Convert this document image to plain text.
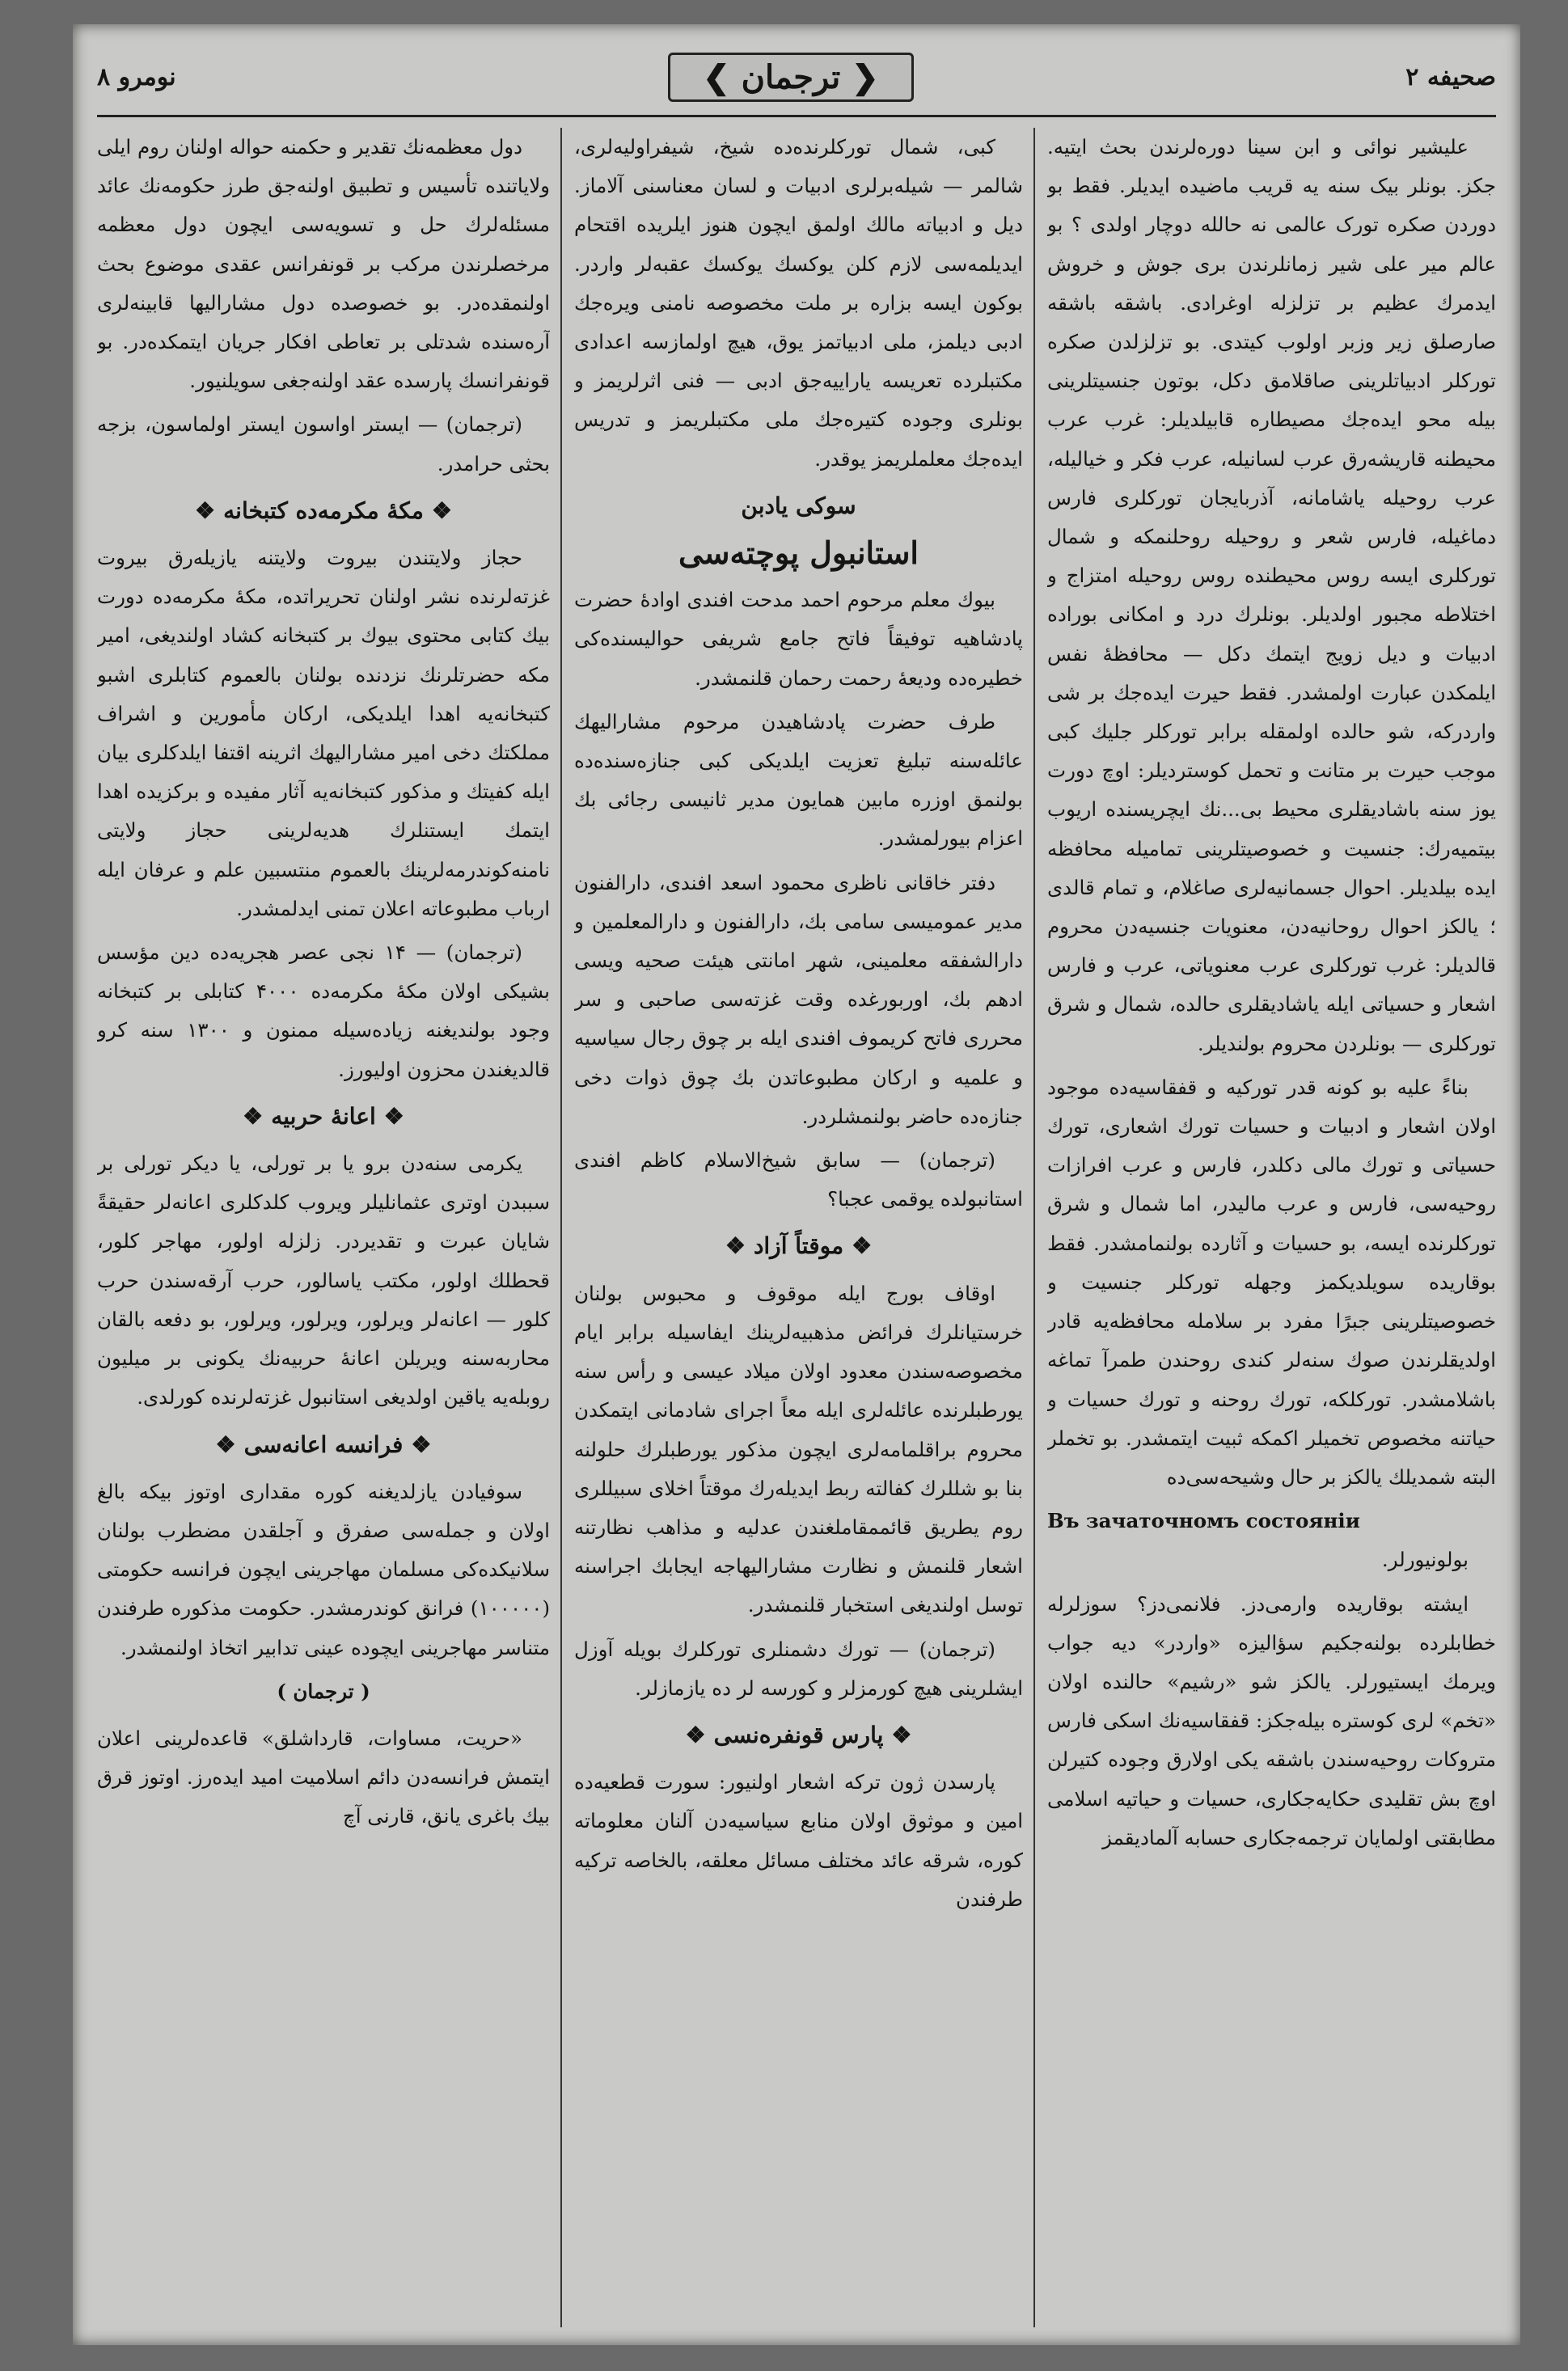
صحیفه ۲
❮ ترجمان ❯
نومرو ۸

علیشیر نوائی و ابن سینا دورەلرندن بحث ایتیه. جکز. بونلر بیک سنه یه قریب ماضیده ایدیلر. فقط بو دوردن صکره تورک عالمی نه حالله دوچار اولدی ؟ بو عالم میر علی شیر زمانلرندن بری جوش و خروش ایدمرك عظیم بر تزلزله اوغرادی. باشقه باشقه صارصلق زیر وزبر اولوب کیتدی. بو تزلزلدن صکره تورکلر ادبیاتلرینی صاقلامق دکل، بوتون جنسیتلرینی بیله محو ایدەجك مصیطاره قابیلدیلر: غرب عرب محیطنه قاریشەرق عرب لسانیله، عرب فکر و خیالیله، عرب روحیله یاشامانه، آذربایجان تورکلری فارس دماغیله، فارس شعر و روحیله روحلنمکه و شمال تورکلری ایسه روس محیطنده روس روحیله امتزاج و اختلاطه مجبور اولدیلر. بونلرك درد و امکانی بورادە ادبیات و دیل زویج ایتمك دکل — محافظهٔ نفس ایلمکدن عبارت اولمشدر. فقط حیرت ایدەجك بر شی واردرکه، شو حالده اولمقله برابر تورکلر جلیك کبی موجب حیرت بر متانت و تحمل کوستردیلر: اوچ دورت یوز سنه باشادیقلری محیط بی...نك ایچریسنده اریوب بیتمیەرك: جنسیت و خصوصیتلرینی تمامیله محافظه ایده بیلدیلر. احوال جسمانیه‌لری صاغلام، و تمام قالدی ؛ یالکز احوال روحانیه‌دن، معنویات جنسیه‌دن محروم قالدیلر: غرب تورکلری عرب معنویاتی، عرب و فارس اشعار و حسیاتی ایله یاشادیقلری حالده، شمال و شرق تورکلری — بو‌نلردن محروم بولندیلر.

بناءً علیه بو کونه قدر تورکیه و قفقاسیه‌ده موجود اولان اشعار و ادبیات و حسیات تورك اشعاری، تورك حسیاتی و تورك مالی دکلدر، فارس و عرب افرازات روحیه‌سی، فارس و عرب مالیدر، اما شمال و شرق تورکلرنده ایسه، بو حسیات و آثاردە بولنمامشدر. فقط بوقاریده سویلدیکمز وجهله تورکلر جنسیت و خصوصیتلرینی جبرًا مفرد بر سلامله محافظه‌یه قادر اولدیقلرندن صوك سنەلر کندی روحندن طمرآ تماغه باشلامشدر. تورکلکه، تورك روحنه و تورك حسیات و حیاتنه مخصوص تخمیلر اکمکه ثبیت ایتمشدر. بو تخملر البته شمدیلك یالکز بر حال وشیحه‌سی‌ده

Въ зачаточномъ состоянiи

بولونیورلر.

ایشته بوقاریده وارمی‌دز. فلانمی‌دز؟ سوزلرله خطابلرده بولنەجکیم سؤالیزه «واردر» دیه جواب ویرمك ایستیورلر. یالکز شو «رشیم» حالنده اولان «تخم» لری کوستره بیله‌جکز: قفقاسیه‌نك اسکی فارس متروکات روحیەسندن باشقه یکی اولارق وجوده کتیرلن اوچ بش تقلیدی حکایه‌جکاری، حسیات و حیاتیه اسلامی مطابقتی اولمایان ترجمه‌جکاری حسابه آلمادیقمز

کبی، شمال تورکلرنده‌ده شیخ، شیفراولیه‌لری، شالمر — شیلەبرلری ادبیات و لسان معناسنی آلاماز. دیل و ادبیاته مالك اولمق ایچون هنوز ایلریده اقتحام ایدیلمه‌سی لازم کلن یوکسك یوکسك عقبه‌لر واردر. بوکون ایسه بزاره بر ملت مخصوصه نامنی ویرەجك ادبی دیلمز، ملی ادبیاتمز یوق، هیچ اولمازسه اعدادی مکتبلرده تعریسه یاراییه‌جق ادبی — فنی اثرلریمز و بونلری وجوده کتیرەجك ملی مکتبلریمز و تدریس ایده‌جك معلملریمز یوقدر.

سوکی یادبن
استانبول پوچته‌سی

بیوك معلم مرحوم احمد مدحت افندی اوادهٔ حضرت پادشاهیه توفیقاً فاتح جامع شریفی حوالیسنده‌کی خطیره‌ده ودیعهٔ رحمت رحمان قلنمشدر.

طرف حضرت پادشاهیدن مرحوم مشارالیهك عائله‌سنه تبلیغ تعزیت ایلدیکی کبی جنازه‌سنده‌ده بولنمق اوزره مابین همایون مدیر ثانیسی رجائی بك اعزام بیورلمشدر.

دفتر خاقانی ناظری محمود اسعد افندی، دارالفنون مدیر عمومیسی سامی بك، دارالفنون و دارالمعلمین و دارالشفقه معلمینی، شهر امانتی هیئت صحیه ویسی ادهم بك، اوربورغده وقت غزته‌سی صاحبی و سر محرری فاتح کریموف افندی ایله بر چوق رجال سیاسیه و علمیه و ارکان مطبوعاتدن بك چوق ذوات دخی جنازه‌ده حاضر بولنمشلردر.

(ترجمان) — سابق شیخ‌الاسلام کاظم افندی استانبولده یوقمی عجبا؟

❖موقتاً آزاد❖

اوقاف بورج ایله موقوف و محبوس بولنان خرستیانلرك فرائض مذهبیه‌لرینك ایفاسیله برابر ایام مخصوصه‌سندن معدود اولان میلاد عیسی و رأس سنه یورطبلرنده عائلەلری ایله معاً اجرای شادمانی ایتمکدن محروم براقلمامەلری ایچون مذکور یورطبلرك حلولنه بنا بو شللرك کفالتە ربط ایدیلەرك موقتاً اخلای سبیللری روم یطریق قائممقاملغندن عدلیه و مذاهب نظارتنه اشعار قلنمش و نظارت مشارالیهاجه ایجابك اجراسنه توسل اولندیغی استخبار قلنمشدر.

(ترجمان) — تورك دشمنلری تورکلرك بویله آوزل ایشلرینی هیچ کورمزلر و کورسه لر ده یازمازلر.

❖پارس قونفرەنسی❖

پارسدن ژون ترکه اشعار اولنیور: سورت قطعیەده امین و موثوق اولان منابع سیاسیەدن آلنان معلوماته کوره، شرقه عائد مختلف مسائل معلقه، بالخاصه ترکیه طرفندن

دول معظمه‌نك تقدیر و حکمنه حواله اولنان روم ایلی ولایاتنده تأسیس و تطبیق اولنەجق طرز حکومەنك عائد مسئلەلرك حل و تسویه‌سی ایچون دول معظمه مرخصلرندن مرکب بر قونفرانس عقدی موضوع بحث اولنمقده‌در. بو خصوصده دول مشارالیها قابینه‌لری آره‌سنده شدتلی بر تعاطی افکار جریان ایتمکده‌در. بو قونفرانسك پارسده عقد اولنه‌جغی سویلنیور.

(ترجمان) — ایستر اواسون ایستر اولماسون، بزجه بحثی حرامدر.

❖مکهٔ مکرمه‌ده کتبخانه❖

حجاز ولایتندن بیروت ولایتنه یازیلەرق بیروت غزته‌لرنده نشر اولنان تحریراتده، مکهٔ مکرمه‌ده دورت بیك کتابی محتوی بیوك بر کتبخانه کشاد اولندیغی، امیر مکه حضرتلرنك نزدنده بولنان بالعموم کتابلری اشبو کتبخانه‌یه اهدا ایلدیکی، ارکان مأمورین و اشراف مملکتك دخی امیر مشارالیهك اثرینه اقتفا ایلدکلری بیان ایله کفیتك و مذکور کتبخانه‌یه آثار مفیده و برکزیده اهدا ایتمك ایستنلرك هدیه‌لرینی حجاز ولایتی نامنه‌کوندرمه‌لرینك بالعموم منتسبین علم و عرفان ایله ارباب مطبوعاته اعلان تمنی ایدلمشدر.

(ترجمان) — ۱۴ نجی عصر هجریه‌ده دین مؤسس بشیکی اولان مکهٔ مکرمه‌ده ۴۰۰۰ کتابلی بر کتبخانه وجود بولندیغنه زیاده‌سیله ممنون و ۱۳۰۰ سنه کرو قالدیغندن محزون اولیورز.

❖اعانهٔ حربیه❖

یکرمی سنه‌دن برو یا بر تورلی، یا دیکر تورلی بر سببدن اوتری عثمانلیلر ویروب کلدکلری اعانەلر حقیقةً شایان عبرت و تقدیردر. زلزله اولور، مهاجر کلور، قحطلك اولور، مکتب یاسالور، حرب آرقه‌سندن حرب کلور — اعانەلر ویرلور، ویرلور، ویرلور، بو دفعه بالقان محاربه‌سنه ویریلن اعانهٔ حربیه‌نك یکونی بر میلیون روبله‌یه یاقین اولدیغی استانبول غزته‌لرنده کورلدی.

❖فرانسه اعانه‌سی❖

سوفیادن یازلدیغنه کوره مقداری اوتوز بیکه بالغ اولان و جمله‌سی صفرق و آجلقدن مضطرب بولنان سلانیکده‌کی مسلمان مهاجرینی ایچون فرانسه حکومتی (۱۰۰۰۰۰) فرانق کوندرمشدر. حکومت مذکوره طرفندن متناسر مهاجرینی ایچوده عینی تدابیر اتخاذ اولنمشدر.

( ترجمان )

«حریت، مساوات، قارداشلق» قاعده‌لرینی اعلان ایتمش فرانسەدن دائم اسلامیت امید ایدەرز. اوتوز قرق بیك باغری یانق، قارنی آچ
